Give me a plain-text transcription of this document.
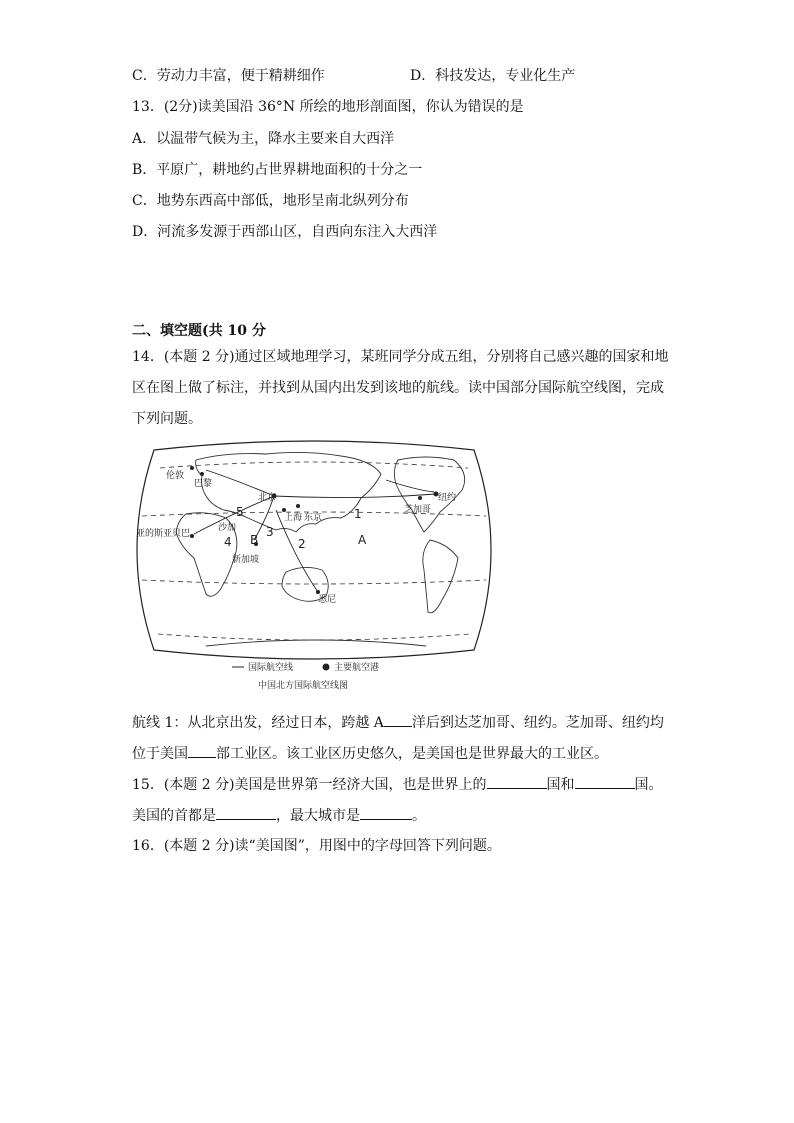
C．劳动力丰富，便于精耕细作	D．科技发达，专业化生产
13．(2分)读美国沿 36°N 所绘的地形剖面图，你认为错误的是
A．以温带气候为主，降水主要来自大西洋
B．平原广，耕地约占世界耕地面积的十分之一
C．地势东西高中部低，地形呈南北纵列分布
D．河流多发源于西部山区，自西向东注入大西洋
二、填空题(共 10 分
14．(本题 2 分)通过区域地理学习，某班同学分成五组，分别将自己感兴趣的国家和地
区在图上做了标注，并找到从国内出发到该地的航线。读中国部分国际航空线图，完成
下列问题。
伦敦
巴黎
北京
上海 东京
纽约
芝加哥
亚的斯亚贝巴
沙加
新加坡
悉尼
A
B
1
2
3
4
5
国际航空线	主要航空港
中国北方国际航空线图
航线 1：从北京出发，经过日本，跨越 A 洋后到达芝加哥、纽约。芝加哥、纽约均
位于美国 部工业区。该工业区历史悠久，是美国也是世界最大的工业区。
15．(本题 2 分)美国是世界第一经济大国，也是世界上的	国和	国。
美国的首都是	，最大城市是	。
16．(本题 2 分)读“美国图”，用图中的字母回答下列问题。
